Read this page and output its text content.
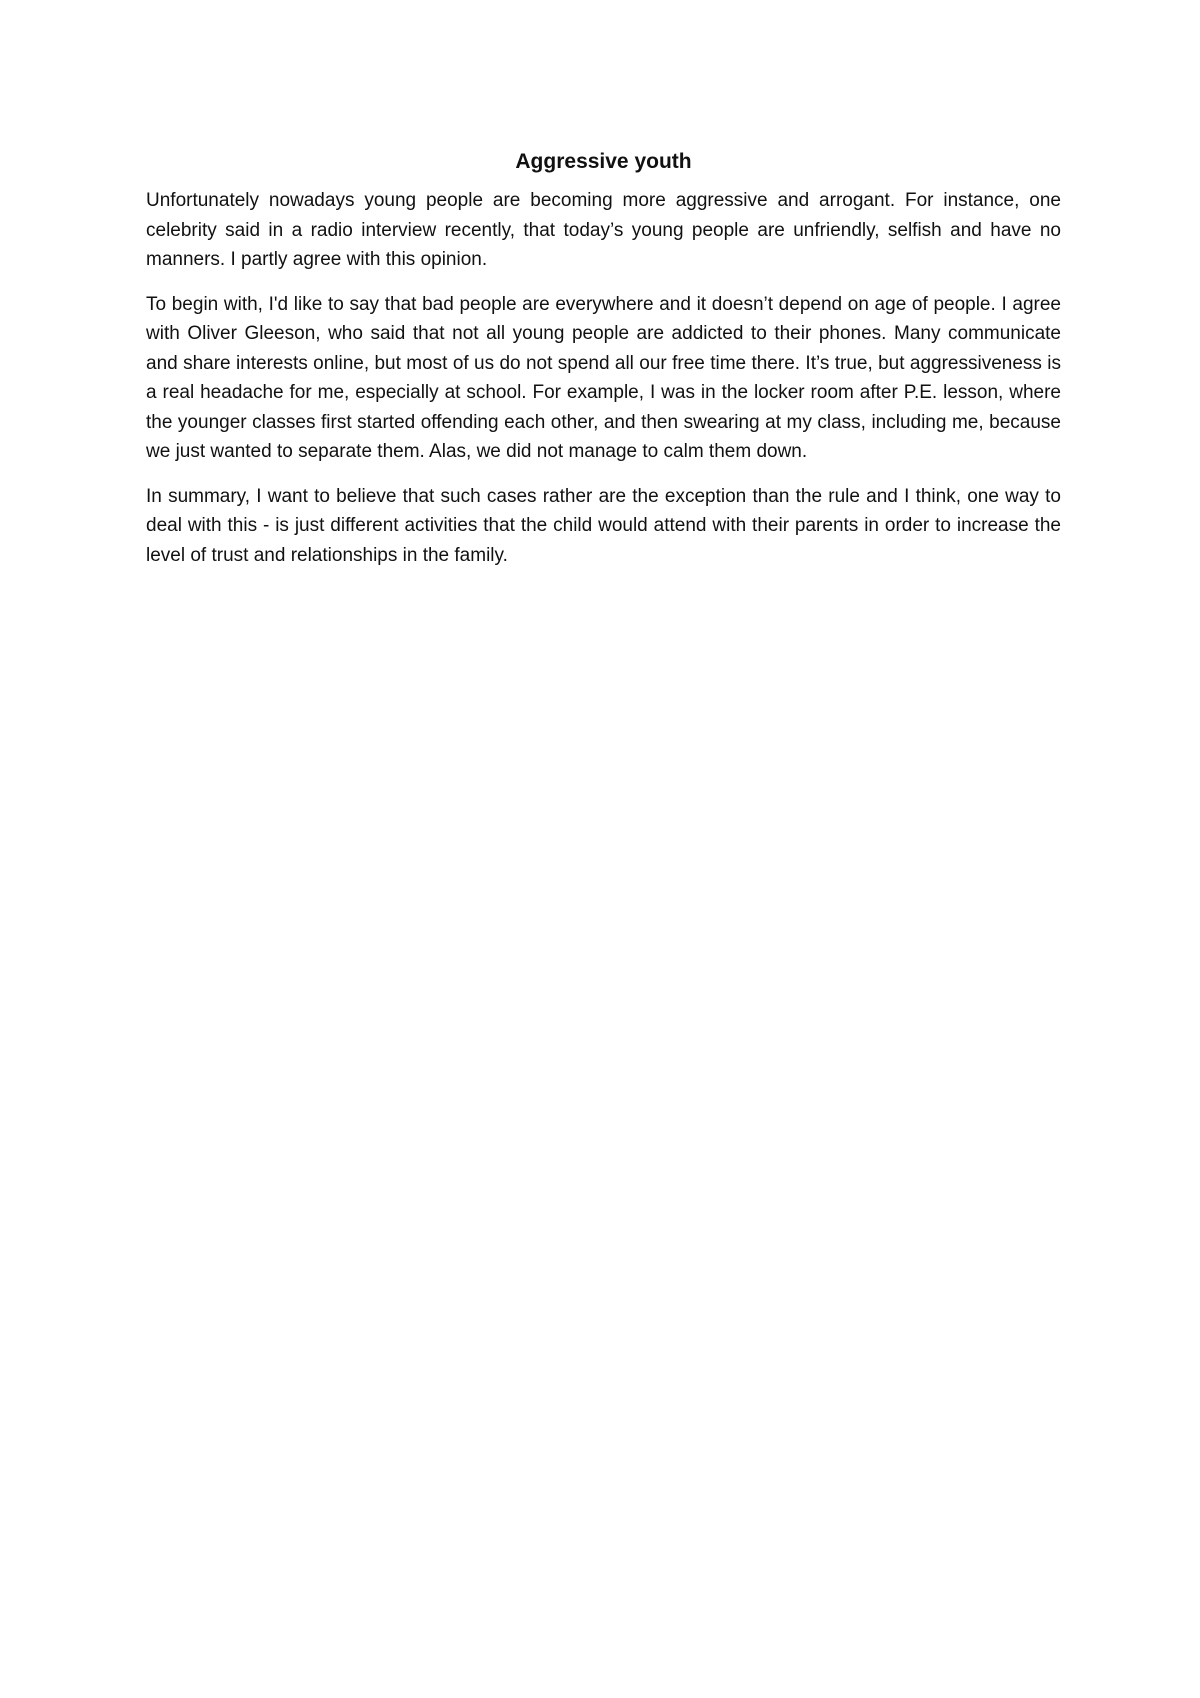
Aggressive youth

Unfortunately nowadays young people are becoming more aggressive and arrogant. For instance, one celebrity said in a radio interview recently, that today’s young people are unfriendly, selfish and have no manners. I partly agree with this opinion.

To begin with, I'd like to say that bad people are everywhere and it doesn’t depend on age of people. I agree with Oliver Gleeson, who said that not all young people are addicted to their phones. Many communicate and share interests online, but most of us do not spend all our free time there. It’s true, but aggressiveness is a real headache for me, especially at school. For example, I was in the locker room after P.E. lesson, where the younger classes first started offending each other, and then swearing at my class, including me, because we just wanted to separate them. Alas, we did not manage to calm them down.

In summary, I want to believe that such cases rather are the exception than the rule and I think, one way to deal with this - is just different activities that the child would attend with their parents in order to increase the level of trust and relationships in the family.
